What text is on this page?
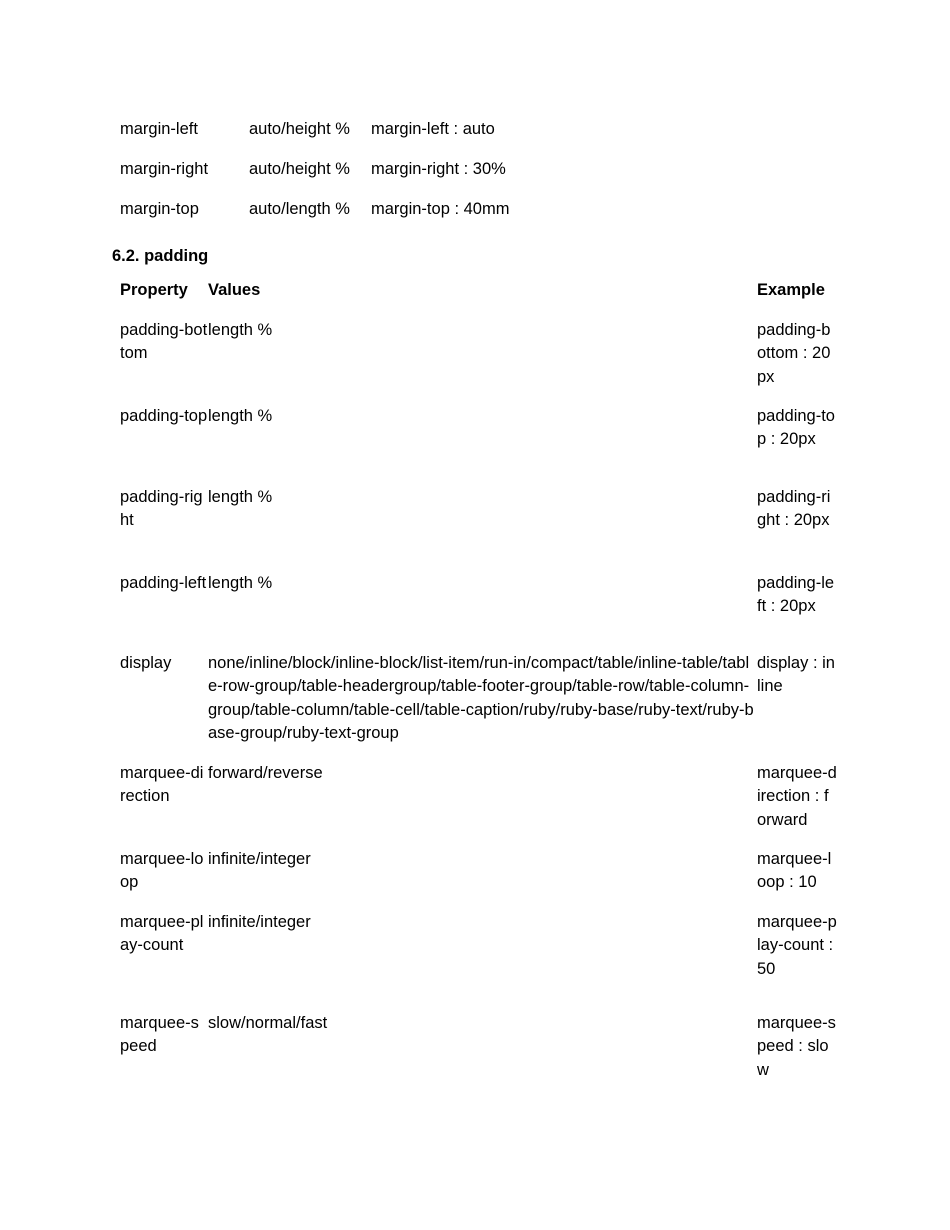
margin-left	auto/height %	margin-left : auto
margin-right	auto/height %	margin-right : 30%
margin-top	auto/length %	margin-top : 40mm
6.2. padding
Property	Values	Example
padding-bottom	length %	padding-bottom : 20px
padding-top	length %	padding-top : 20px
padding-right	length %	padding-right : 20px
padding-left	length %	padding-left : 20px
display	none/inline/block/inline-block/list-item/run-in/compact/table/inline-table/table-row-group/table-headergroup/table-footer-group/table-row/table-column-group/table-column/table-cell/table-caption/ruby/ruby-base/ruby-text/ruby-base-group/ruby-text-group	display : inline
marquee-direction	forward/reverse	marquee-direction : forward
marquee-loop	infinite/integer	marquee-loop : 10
marquee-play-count	infinite/integer	marquee-play-count : 50
marquee-speed	slow/normal/fast	marquee-speed : slow
